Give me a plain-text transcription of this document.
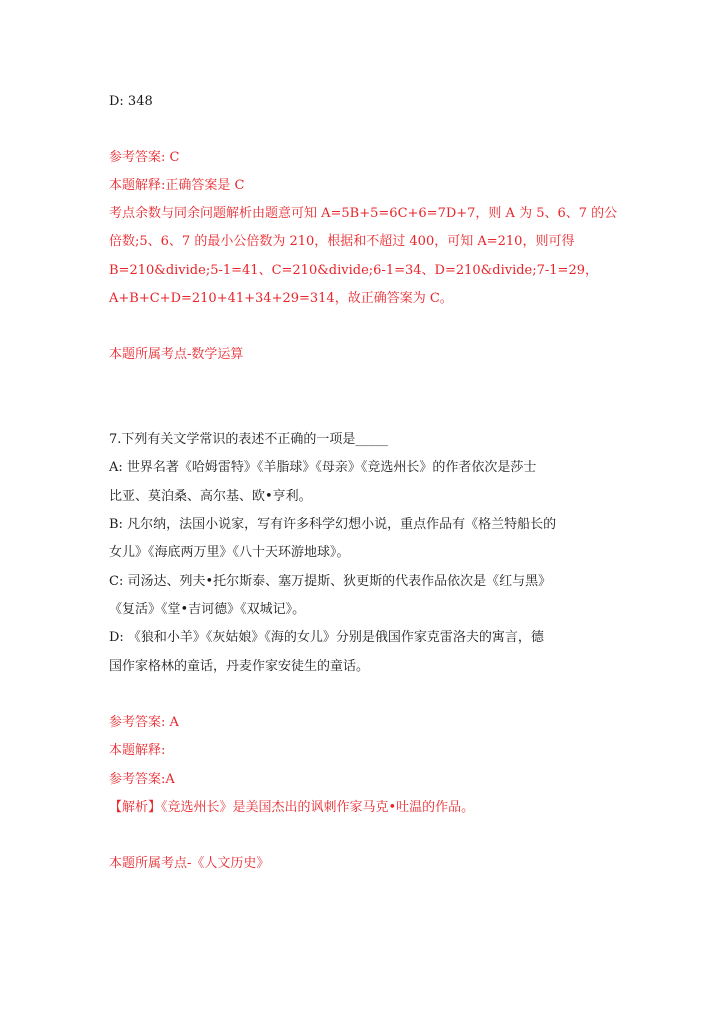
D: 348
参考答案: C
本题解释:正确答案是 C
考点余数与同余问题解析由题意可知 A=5B+5=6C+6=7D+7，则 A 为 5、6、7 的公
倍数;5、6、7 的最小公倍数为 210，根据和不超过 400，可知 A=210，则可得
B=210&divide;5-1=41、C=210&divide;6-1=34、D=210&divide;7-1=29，
A+B+C+D=210+41+34+29=314，故正确答案为 C。
本题所属考点-数学运算
7.下列有关文学常识的表述不正确的一项是_____
A: 世界名著《哈姆雷特》《羊脂球》《母亲》《竞选州长》的作者依次是莎士
比亚、莫泊桑、高尔基、欧•亨利。
B: 凡尔纳，法国小说家，写有许多科学幻想小说，重点作品有《格兰特船长的
女儿》《海底两万里》《八十天环游地球》。
C: 司汤达、列夫•托尔斯泰、塞万提斯、狄更斯的代表作品依次是《红与黑》
《复活》《堂•吉诃德》《双城记》。
D: 《狼和小羊》《灰姑娘》《海的女儿》分别是俄国作家克雷洛夫的寓言，德
国作家格林的童话，丹麦作家安徒生的童话。
参考答案: A
本题解释:
参考答案:A
【解析】《竞选州长》是美国杰出的讽刺作家马克•吐温的作品。
本题所属考点-《人文历史》
